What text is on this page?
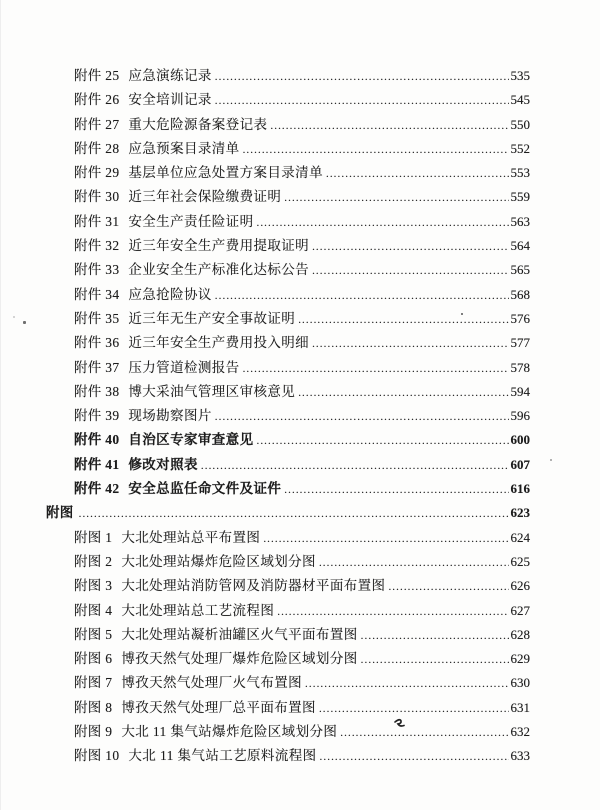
附件 25 应急演练记录 .....	535
附件 26 安全培训记录 .....	545
附件 27 重大危险源备案登记表 .....	550
附件 28 应急预案目录清单 .....	552
附件 29 基层单位应急处置方案目录清单 .....	553
附件 30 近三年社会保险缴费证明 .....	559
附件 31 安全生产责任险证明 .....	563
附件 32 近三年安全生产费用提取证明 .....	564
附件 33 企业安全生产标准化达标公告 .....	565
附件 34 应急抢险协议 .....	568
附件 35 近三年无生产安全事故证明 .....	576
附件 36 近三年安全生产费用投入明细 .....	577
附件 37 压力管道检测报告 .....	578
附件 38 博大采油气管理区审核意见 .....	594
附件 39 现场勘察图片 .....	596
附件 40 自治区专家审查意见 .....	600
附件 41 修改对照表 .....	607
附件 42 安全总监任命文件及证件 .....	616
附图 .....	623
附图 1 大北处理站总平布置图 .....	624
附图 2 大北处理站爆炸危险区域划分图 .....	625
附图 3 大北处理站消防管网及消防器材平面布置图 .....	626
附图 4 大北处理站总工艺流程图 .....	627
附图 5 大北处理站凝析油罐区火气平面布置图 .....	628
附图 6 博孜天然气处理厂爆炸危险区域划分图 .....	629
附图 7 博孜天然气处理厂火气布置图 .....	630
附图 8 博孜天然气处理厂总平面布置图 .....	631
附图 9 大北 11 集气站爆炸危险区域划分图 .....	632
附图 10 大北 11 集气站工艺原料流程图 .....	633
